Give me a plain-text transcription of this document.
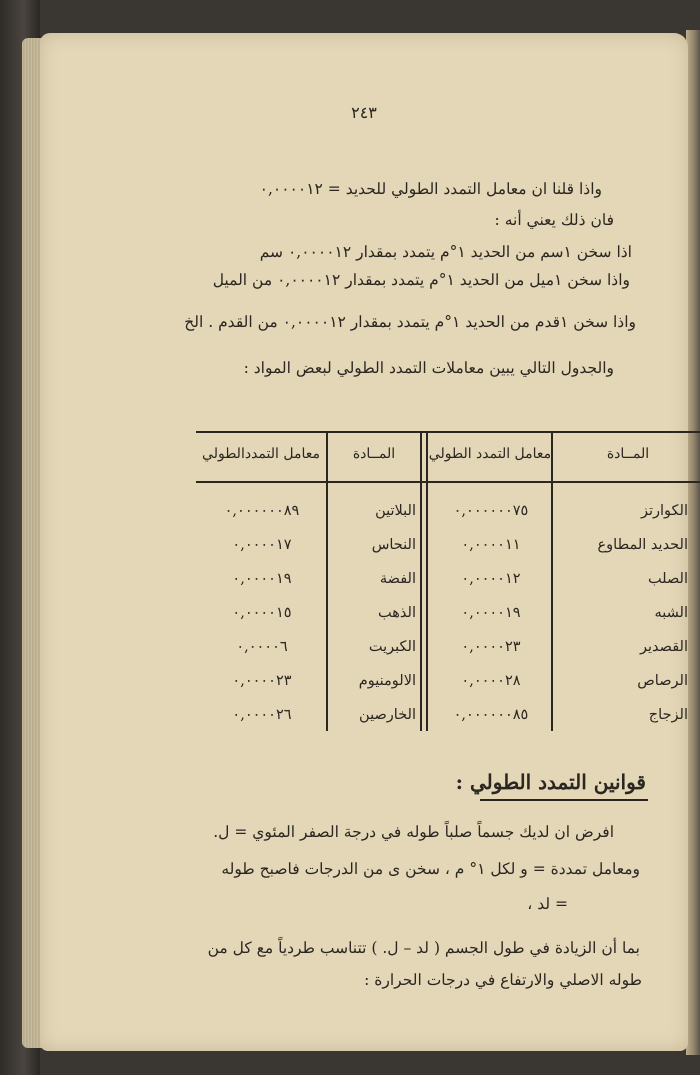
٢٤٣
واذا قلنا ان معامل التمدد الطولي للحديد = ٠,٠٠٠٠١٢
فان ذلك يعني أنه :
اذا سخن ١سم من الحديد ١°م يتمدد بمقدار ٠,٠٠٠٠١٢ سم
واذا سخن ١ميل من الحديد ١°م يتمدد بمقدار ٠,٠٠٠٠١٢ من الميل
واذا سخن ١قدم من الحديد ١°م يتمدد بمقدار ٠,٠٠٠٠١٢ من القدم . الخ
والجدول التالي يبين معاملات التمدد الطولي لبعض المواد :
المــادة
معامل التمدد الطولي
المــادة
معامل التمددالطولي
الكوارتز
٠,٠٠٠٠٠٠٧٥
البلاتين
٠,٠٠٠٠٠٠٨٩
الحديد المطاوع
٠,٠٠٠٠١١
النحاس
٠,٠٠٠٠١٧
الصلب
٠,٠٠٠٠١٢
الفضة
٠,٠٠٠٠١٩
الشبه
٠,٠٠٠٠١٩
الذهب
٠,٠٠٠٠١٥
القصدير
٠,٠٠٠٠٢٣
الكبريت
٠,٠٠٠٠٦
الرصاص
٠,٠٠٠٠٢٨
الالومنيوم
٠,٠٠٠٠٢٣
الزجاج
٠,٠٠٠٠٠٠٨٥
الخارصين
٠,٠٠٠٠٢٦
قوانين التمدد الطولي :
افرض ان لديك جسماً صلباً طوله في درجة الصفر المئوي = ل.
ومعامل تمددة = و لكل ١° م ، سخن ى من الدرجات فاصبح طوله
= لد ،
بما أن الزيادة في طول الجسم ( لد – ل. ) تتناسب طردياً مع كل من
طوله الاصلي والارتفاع في درجات الحرارة :
